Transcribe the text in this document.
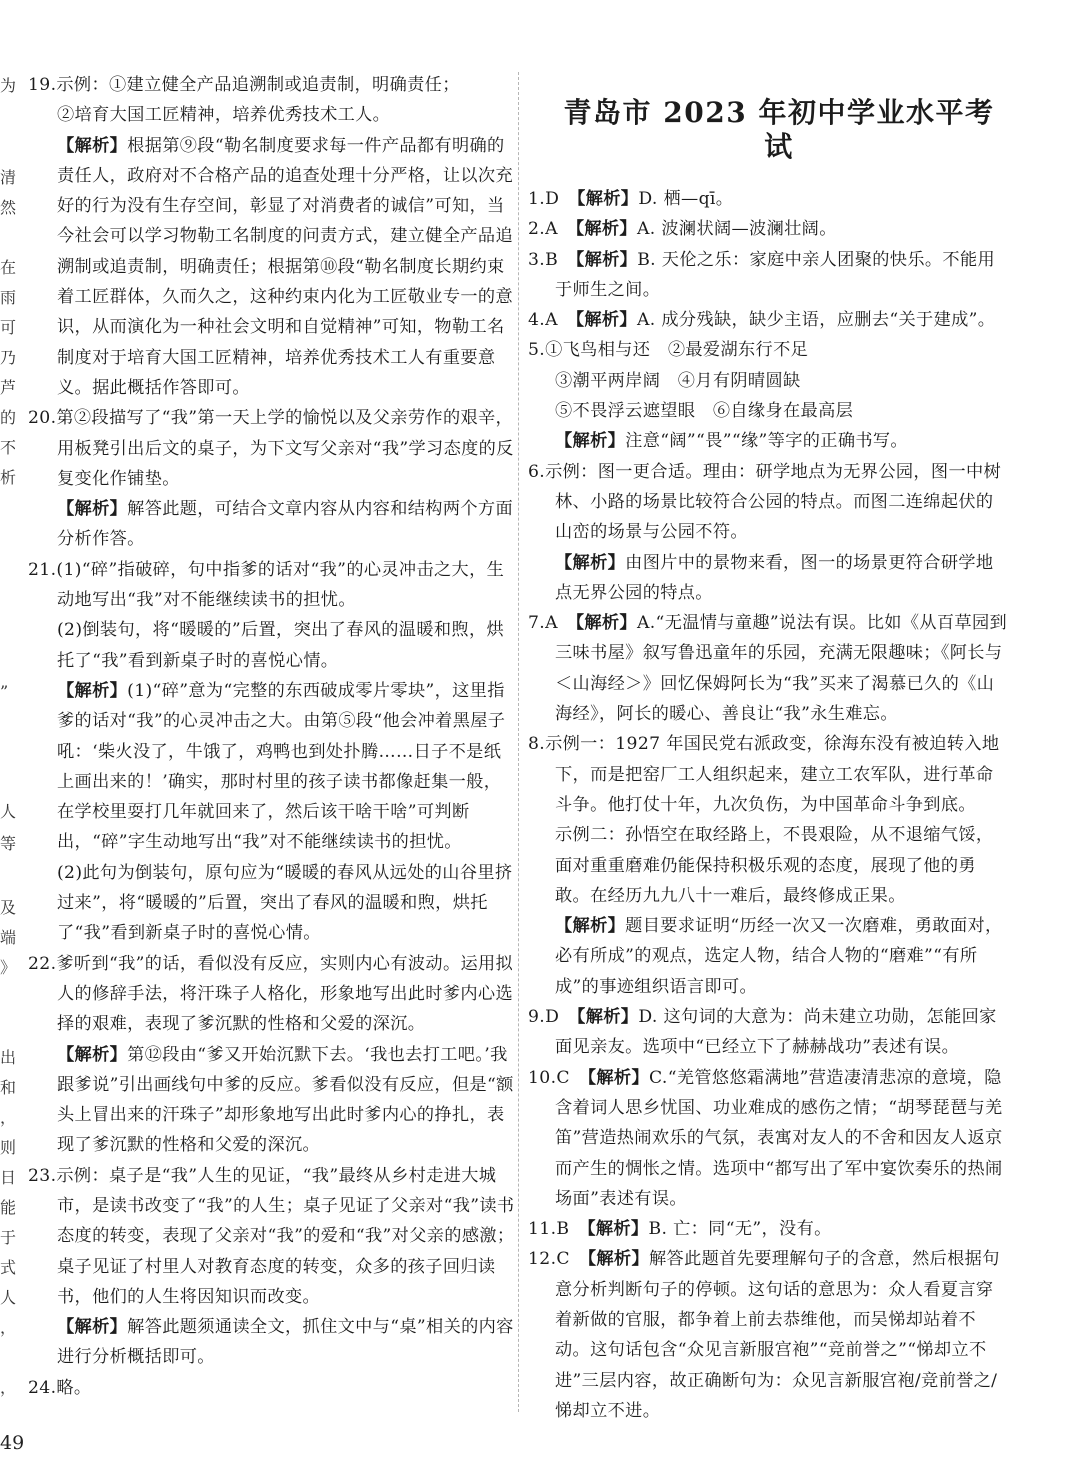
为
清
然
在
雨
可
乃
芦
的
不
析
”
人
等
及
端
》
出
和
，
则
日
能
于
式
人
，
，
19.示例：①建立健全产品追溯制或追责制，明确责任；
②培育大国工匠精神，培养优秀技术工人。
【解析】根据第⑨段“勒名制度要求每一件产品都有明确的责任人，政府对不合格产品的追查处理十分严格，让以次充好的行为没有生存空间，彰显了对消费者的诚信”可知，当今社会可以学习物勒工名制度的问责方式，建立健全产品追溯制或追责制，明确责任；根据第⑩段“勒名制度长期约束着工匠群体，久而久之，这种约束内化为工匠敬业专一的意识，从而演化为一种社会文明和自觉精神”可知，物勒工名制度对于培育大国工匠精神，培养优秀技术工人有重要意义。据此概括作答即可。
20.第②段描写了“我”第一天上学的愉悦以及父亲劳作的艰辛，用板凳引出后文的桌子，为下文写父亲对“我”学习态度的反复变化作铺垫。
【解析】解答此题，可结合文章内容从内容和结构两个方面分析作答。
21.(1)“碎”指破碎，句中指爹的话对“我”的心灵冲击之大，生动地写出“我”对不能继续读书的担忧。
(2)倒装句，将“暖暖的”后置，突出了春风的温暖和煦，烘托了“我”看到新桌子时的喜悦心情。
【解析】(1)“碎”意为“完整的东西破成零片零块”，这里指爹的话对“我”的心灵冲击之大。由第⑤段“他会冲着黑屋子吼：‘柴火没了，牛饿了，鸡鸭也到处扑腾……日子不是纸上画出来的！’确实，那时村里的孩子读书都像赶集一般，在学校里耍打几年就回来了，然后该干啥干啥”可判断出，“碎”字生动地写出“我”对不能继续读书的担忧。
(2)此句为倒装句，原句应为“暖暖的春风从远处的山谷里挤过来”，将“暖暖的”后置，突出了春风的温暖和煦，烘托了“我”看到新桌子时的喜悦心情。
22.爹听到“我”的话，看似没有反应，实则内心有波动。运用拟人的修辞手法，将汗珠子人格化，形象地写出此时爹内心选择的艰难，表现了爹沉默的性格和父爱的深沉。
【解析】第⑫段由“爹又开始沉默下去。‘我也去打工吧。’我跟爹说”引出画线句中爹的反应。爹看似没有反应，但是“额头上冒出来的汗珠子”却形象地写出此时爹内心的挣扎，表现了爹沉默的性格和父爱的深沉。
23.示例：桌子是“我”人生的见证，“我”最终从乡村走进大城市，是读书改变了“我”的人生；桌子见证了父亲对“我”读书态度的转变，表现了父亲对“我”的爱和“我”对父亲的感激；桌子见证了村里人对教育态度的转变，众多的孩子回归读书，他们的人生将因知识而改变。
【解析】解答此题须通读全文，抓住文中与“桌”相关的内容进行分析概括即可。
24.略。
青岛市 2023 年初中学业水平考试
1.D　 【解析】D. 栖—qī。
2.A　 【解析】A. 波澜状阔—波澜壮阔。
3.B　 【解析】B. 天伦之乐：家庭中亲人团聚的快乐。不能用于师生之间。
4.A　 【解析】A. 成分残缺，缺少主语，应删去“关于建成”。
5.①飞鸟相与还　②最爱湖东行不足
③潮平两岸阔　④月有阴晴圆缺
⑤不畏浮云遮望眼　⑥自缘身在最高层
【解析】注意“阔”“畏”“缘”等字的正确书写。
6.示例：图一更合适。理由：研学地点为无界公园，图一中树林、小路的场景比较符合公园的特点。而图二连绵起伏的山峦的场景与公园不符。
【解析】由图片中的景物来看，图一的场景更符合研学地点无界公园的特点。
7.A　 【解析】A.“无温情与童趣”说法有误。比如《从百草园到三味书屋》叙写鲁迅童年的乐园，充满无限趣味；《阿长与＜山海经＞》回忆保姆阿长为“我”买来了渴慕已久的《山海经》，阿长的暖心、善良让“我”永生难忘。
8.示例一：1927 年国民党右派政变，徐海东没有被迫转入地下，而是把窑厂工人组织起来，建立工农军队，进行革命斗争。他打仗十年，九次负伤，为中国革命斗争到底。
示例二：孙悟空在取经路上，不畏艰险，从不退缩气馁，面对重重磨难仍能保持积极乐观的态度，展现了他的勇敢。在经历九九八十一难后，最终修成正果。
【解析】题目要求证明“历经一次又一次磨难，勇敢面对，必有所成”的观点，选定人物，结合人物的“磨难”“有所成”的事迹组织语言即可。
9.D　 【解析】D. 这句词的大意为：尚未建立功勋，怎能回家面见亲友。选项中“已经立下了赫赫战功”表述有误。
10.C　 【解析】C.“羌管悠悠霜满地”营造凄清悲凉的意境，隐含着词人思乡忧国、功业难成的感伤之情；“胡琴琵琶与羌笛”营造热闹欢乐的气氛，表寓对友人的不舍和因友人返京而产生的惆怅之情。选项中“都写出了军中宴饮奏乐的热闹场面”表述有误。
11.B　 【解析】B. 亡：同“无”，没有。
12.C　 【解析】解答此题首先要理解句子的含意，然后根据句意分析判断句子的停顿。这句话的意思为：众人看夏言穿着新做的官服，都争着上前去恭维他，而吴悌却站着不动。这句话包含“众见言新服宫袍”“竞前誉之”“悌却立不进”三层内容，故正确断句为：众见言新服宫袍/竞前誉之/悌却立不进。
49
